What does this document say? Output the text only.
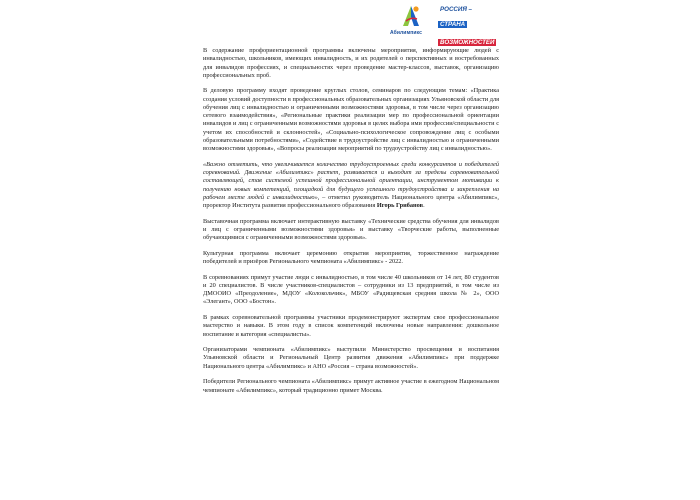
Абилимпикс
РОССИЯ –
СТРАНА
ВОЗМОЖНОСТЕЙ

В содержание профориентационной программы включены мероприятия, информирующие людей с инвалидностью, школьников, имеющих инвалидность, и их родителей о перспективных и востребованных для инвалидов профессиях, и специальностях через проведение мастер-классов, выставок, организацию профессиональных проб.

В деловую программу входят проведение круглых столов, семинаров по следующим темам: «Практика создания условий доступности в профессиональных образовательных организациях Ульяновской области для обучения лиц с инвалидностью и ограниченными возможностями здоровья, в том числе через организацию сетевого взаимодействия», «Региональные практики реализации мер по профессиональной ориентации инвалидов и лиц с ограниченными возможностями здоровья в целях выбора ими профессии/специальности с учетом их способностей и склонностей», «Социально-психологическое сопровождение лиц с особыми образовательными потребностями», «Содействие в трудоустройстве лиц с инвалидностью и ограниченными возможностями здоровья», «Вопросы реализации мероприятий по трудоустройству лиц с инвалидностью».

«Важно отметить, что увеличивается количество трудоустроенных среди конкурсантов и победителей соревнований. Движение «Абилимпикс» растет, развивается и выходит за пределы соревновательной составляющей, став системой успешной профессиональной ориентации, инструментом мотивации к получению новых компетенций, площадкой для будущего успешного трудоустройства и закрепления на рабочем месте людей с инвалидностью», – отметил руководитель Национального центра «Абилимпикс», проректор Института развития профессионального образования Игорь Грибанов.

Выставочная программа включает интерактивную выставку «Технические средства обучения для инвалидов и лиц с ограниченными возможностями здоровья» и выставку «Творческие работы, выполненные обучающимися с ограниченными возможностями здоровья».

Культурная программа включает церемонию открытия мероприятия, торжественное награждение победителей и призёров Регионального чемпионата «Абилимпикс» - 2022.

В соревнованиях примут участие люди с инвалидностью, в том числе 40 школьников от 14 лет, 80 студентов и 20 специалистов. В числе участников-специалистов – сотрудники из 13 предприятий, в том числе из ДМООИО «Преодоление», МДОУ «Колокольчик», МБОУ «Радищевская средняя школа № 2», ООО «Элегант», ООО «Бостон».

В рамках соревновательной программы участники продемонстрируют экспертам свое профессиональное мастерство и навыки. В этом году в список компетенций включены новые направления: дошкольное воспитание и категория «специалисты».

Организаторами чемпионата «Абилимпикс» выступили Министерство просвещения и воспитания Ульяновской области и Региональный Центр развития движения «Абилимпикс» при поддержке Национального центра «Абилимпикс» и АНО «Россия – страна возможностей».

Победители Регионального чемпионата «Абилимпикс» примут активное участие в ежегодном Национальном чемпионате «Абилимпикс», который традиционно примет Москва.
